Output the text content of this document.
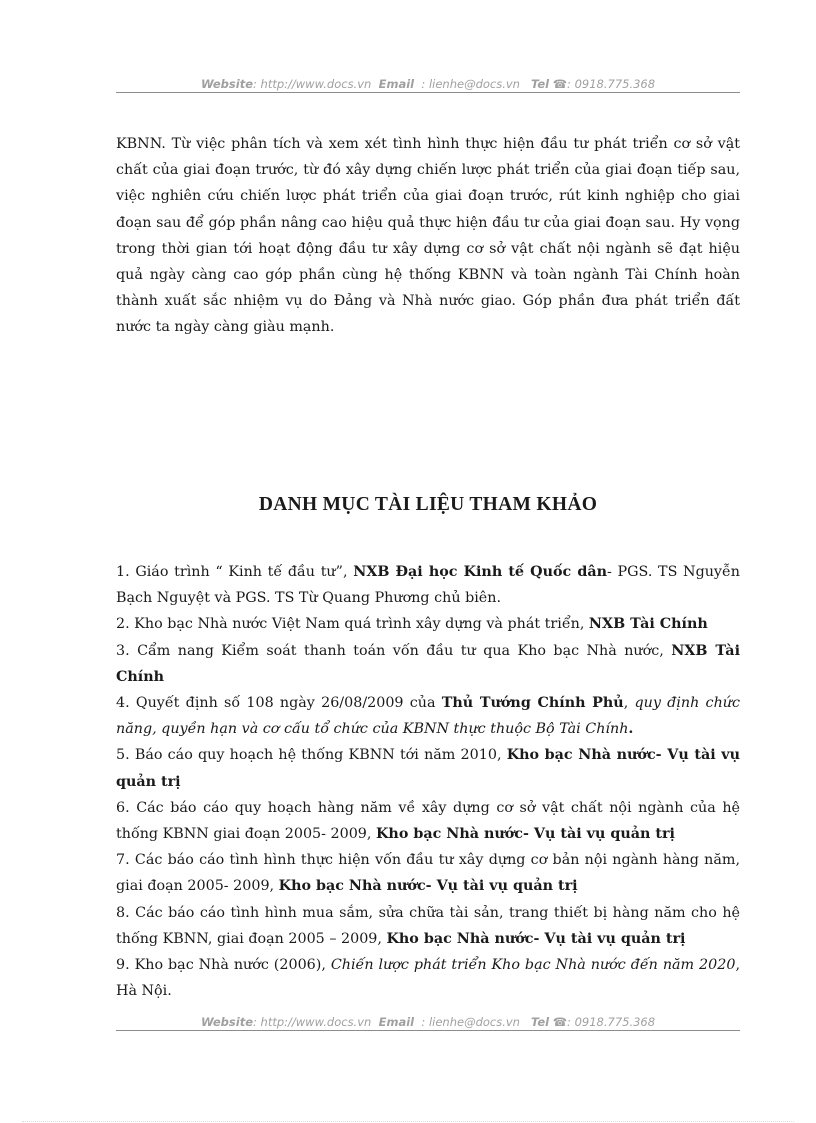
Website: http://www.docs.vn Email : lienhe@docs.vn Tel ☎: 0918.775.368

KBNN. Từ việc phân tích và xem xét tình hình thực hiện đầu tư phát triển cơ sở vật chất của giai đoạn trước, từ đó xây dựng chiến lược phát triển của giai đoạn tiếp sau, việc nghiên cứu chiến lược phát triển của giai đoạn trước, rút kinh nghiệp cho giai đoạn sau để góp phần nâng cao hiệu quả thực hiện đầu tư của giai đoạn sau. Hy vọng trong thời gian tới hoạt động đầu tư xây dựng cơ sở vật chất nội ngành sẽ đạt hiệu quả ngày càng cao góp phần cùng hệ thống KBNN và toàn ngành Tài Chính hoàn thành xuất sắc nhiệm vụ do Đảng và Nhà nước giao. Góp phần đưa phát triển đất nước ta ngày càng giàu mạnh.

DANH MỤC TÀI LIỆU THAM KHẢO
1. Giáo trình “ Kinh tế đầu tư”, NXB Đại học Kinh tế Quốc dân- PGS. TS Nguyễn Bạch Nguyệt và PGS. TS Từ Quang Phương chủ biên.
2. Kho bạc Nhà nước Việt Nam quá trình xây dựng và phát triển, NXB Tài Chính
3. Cẩm nang Kiểm soát thanh toán vốn đầu tư qua Kho bạc Nhà nước, NXB Tài Chính
4. Quyết định số 108 ngày 26/08/2009 của Thủ Tướng Chính Phủ, quy định chức năng, quyền hạn và cơ cấu tổ chức của KBNN thực thuộc Bộ Tài Chính.
5. Báo cáo quy hoạch hệ thống KBNN tới năm 2010, Kho bạc Nhà nước- Vụ tài vụ quản trị
6. Các báo cáo quy hoạch hàng năm về xây dựng cơ sở vật chất nội ngành của hệ thống KBNN giai đoạn 2005- 2009, Kho bạc Nhà nước- Vụ tài vụ quản trị
7. Các báo cáo tình hình thực hiện vốn đầu tư xây dựng cơ bản nội ngành hàng năm, giai đoạn 2005- 2009, Kho bạc Nhà nước- Vụ tài vụ quản trị
8. Các báo cáo tình hình mua sắm, sửa chữa tài sản, trang thiết bị hàng năm cho hệ thống KBNN, giai đoạn 2005 – 2009, Kho bạc Nhà nước- Vụ tài vụ quản trị
9. Kho bạc Nhà nước (2006), Chiến lược phát triển Kho bạc Nhà nước đến năm 2020, Hà Nội.
Website: http://www.docs.vn Email : lienhe@docs.vn Tel ☎: 0918.775.368
